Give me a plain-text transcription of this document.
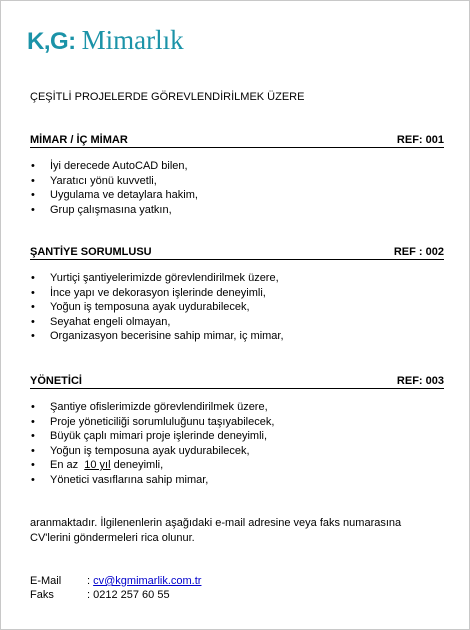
K,G: Mimarlık
ÇEŞİTLİ PROJELERDE GÖREVLENDİRİLMEK ÜZERE
MİMAR / İÇ MİMAR	REF: 001
• İyi derecede AutoCAD bilen,
• Yaratıcı yönü kuvvetli,
• Uygulama ve detaylara hakim,
• Grup çalışmasına yatkın,
ŞANTİYE SORUMLUSU	REF : 002
• Yurtiçi şantiyelerimizde görevlendirilmek üzere,
• İnce yapı ve dekorasyon işlerinde deneyimli,
• Yoğun iş temposuna ayak uydurabilecek,
• Seyahat engeli olmayan,
• Organizasyon becerisine sahip mimar, iç mimar,
YÖNETİCİ	REF: 003
• Şantiye ofislerimizde görevlendirilmek üzere,
• Proje yöneticiliği sorumluluğunu taşıyabilecek,
• Büyük çaplı mimari proje işlerinde deneyimli,
• Yoğun iş temposuna ayak uydurabilecek,
• En az 10 yıl deneyimli,
• Yönetici vasıflarına sahip mimar,
aranmaktadır. İlgilenenlerin aşağıdaki e-mail adresine veya faks numarasına CV'lerini göndermeleri rica olunur.
E-Mail : cv@kgmimarlik.com.tr
Faks	: 0212 257 60 55
